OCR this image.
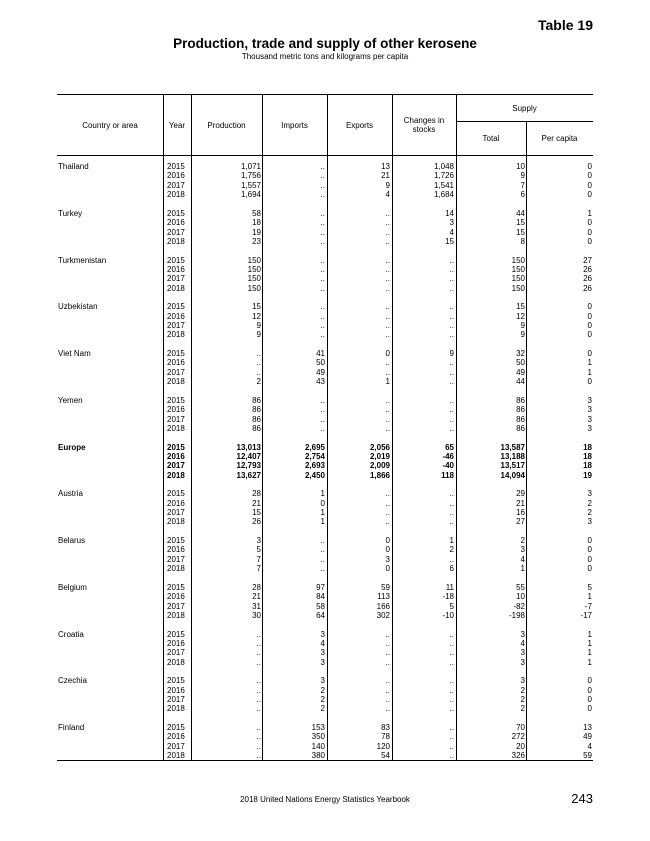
Table 19
Production, trade and supply of other kerosene
Thousand metric tons and kilograms per capita
Country or area	Year	Production	Imports	Exports	Changes in stocks
Supply
Total	Per capita
Thailand	2015	1,071	..	13	1,048	10	0
2016	1,756	..	21	1,726	9	0
2017	1,557	..	9	1,541	7	0
2018	1,694	..	4	1,684	6	0
Turkey	2015	58	..	..	14	44	1
2016	18	..	..	3	15	0
2017	19	..	..	4	15	0
2018	23	..	..	15	8	0
Turkmenistan	2015	150	..	..	..	150	27
2016	150	..	..	..	150	26
2017	150	..	..	..	150	26
2018	150	..	..	..	150	26
Uzbekistan	2015	15	..	..	..	15	0
2016	12	..	..	..	12	0
2017	9	..	..	..	9	0
2018	9	..	..	..	9	0
Viet Nam	2015	..	41	0	9	32	0
2016	..	50	..	..	50	1
2017	..	49	..	..	49	1
2018	2	43	1	..	44	0
Yemen	2015	86	..	..	..	86	3
2016	86	..	..	..	86	3
2017	86	..	..	..	86	3
2018	86	..	..	..	86	3
Europe	2015	13,013	2,695	2,056	65	13,587	18
2016	12,407	2,754	2,019	-46	13,188	18
2017	12,793	2,693	2,009	-40	13,517	18
2018	13,627	2,450	1,866	118	14,094	19
Austria	2015	28	1	..	..	29	3
2016	21	0	..	..	21	2
2017	15	1	..	..	16	2
2018	26	1	..	..	27	3
Belarus	2015	3	..	0	1	2	0
2016	5	..	0	2	3	0
2017	7	..	3	..	4	0
2018	7	..	0	6	1	0
Belgium	2015	28	97	59	11	55	5
2016	21	84	113	-18	10	1
2017	31	58	166	5	-82	-7
2018	30	64	302	-10	-198	-17
Croatia	2015	..	3	..	..	3	1
2016	..	4	..	..	4	1
2017	..	3	..	..	3	1
2018	..	3	..	..	3	1
Czechia	2015	..	3	..	..	3	0
2016	..	2	..	..	2	0
2017	..	2	..	..	2	0
2018	..	2	..	..	2	0
Finland	2015	..	153	83	..	70	13
2016	..	350	78	..	272	49
2017	..	140	120	..	20	4
2018	..	380	54	..	326	59
2018 United Nations Energy Statistics Yearbook	243
